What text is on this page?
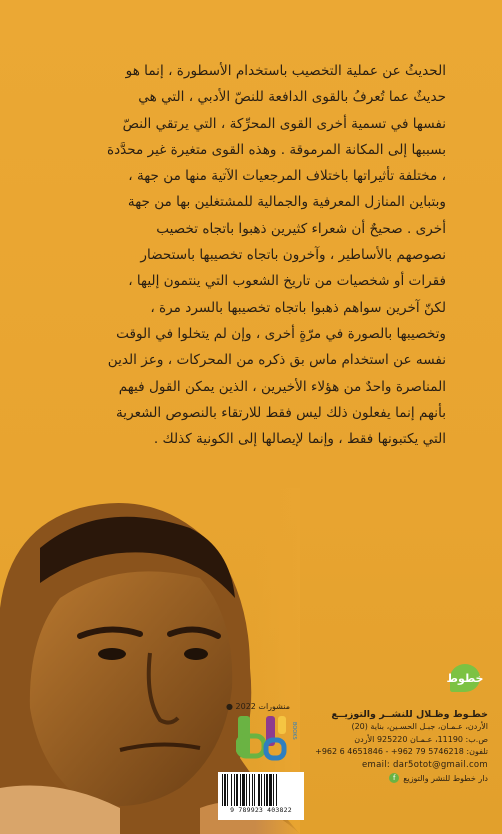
الحديثُ عن عملية التخصيب باستخدام الأسطورة ، إنما هو
حديثٌ عما تُعرفُ بالقوى الدافعة للنصّ الأدبي ، التي هي
نفسها في تسمية أخرى القوى المحرِّكة ، التي يرتقي النصّ
بسببها إلى المكانة المرموقة . وهذه القوى متغيرة غير محدَّدة
، مختلفة تأثيراتها باختلاف المرجعيات الآتية منها من جهة ،
وبتباين المنازل المعرفية والجمالية للمشتغلين بها من جهة
أخرى . صحيحٌ أن شعراء كثيرين ذهبوا باتجاه تخصيب
نصوصهم بالأساطير ، وآخرون باتجاه تخصيبها باستحضار
فقرات أو شخصيات من تاريخ الشعوب التي ينتمون إليها ،
لكنّ آخرين سواهم ذهبوا باتجاه تخصيبها بالسرد مرة ،
وتخصيبها بالصورة في مرّةٍ أخرى ، وإن لم يتخلوا في الوقت
نفسه عن استخدام ماس بق ذكره من المحركات ، وعز الدين
المناصرة واحدٌ من هؤلاء الأخيرين ، الذين يمكن القول فيهم
بأنهم إنما يفعلون ذلك ليس فقط للارتقاء بالنصوص الشعرية
التي يكتبونها فقط ، وإنما لإيصالها إلى الكونية كذلك .
خطوط
منشورات 2022 ●
BOOKS
9 789923 403822
خطـوط وظـلال للنشــر والتوزيــع
الأردن، عـمـان، جبـل الحسـين، بناية (20)
ص.ب: 11190، عـمـان 925220 الأردن
تلفون: 5746218 79 962+ - 4651846 6 962+
email: dar5otot@gmail.com
دار خطوط للنشر والتوزيع
f
